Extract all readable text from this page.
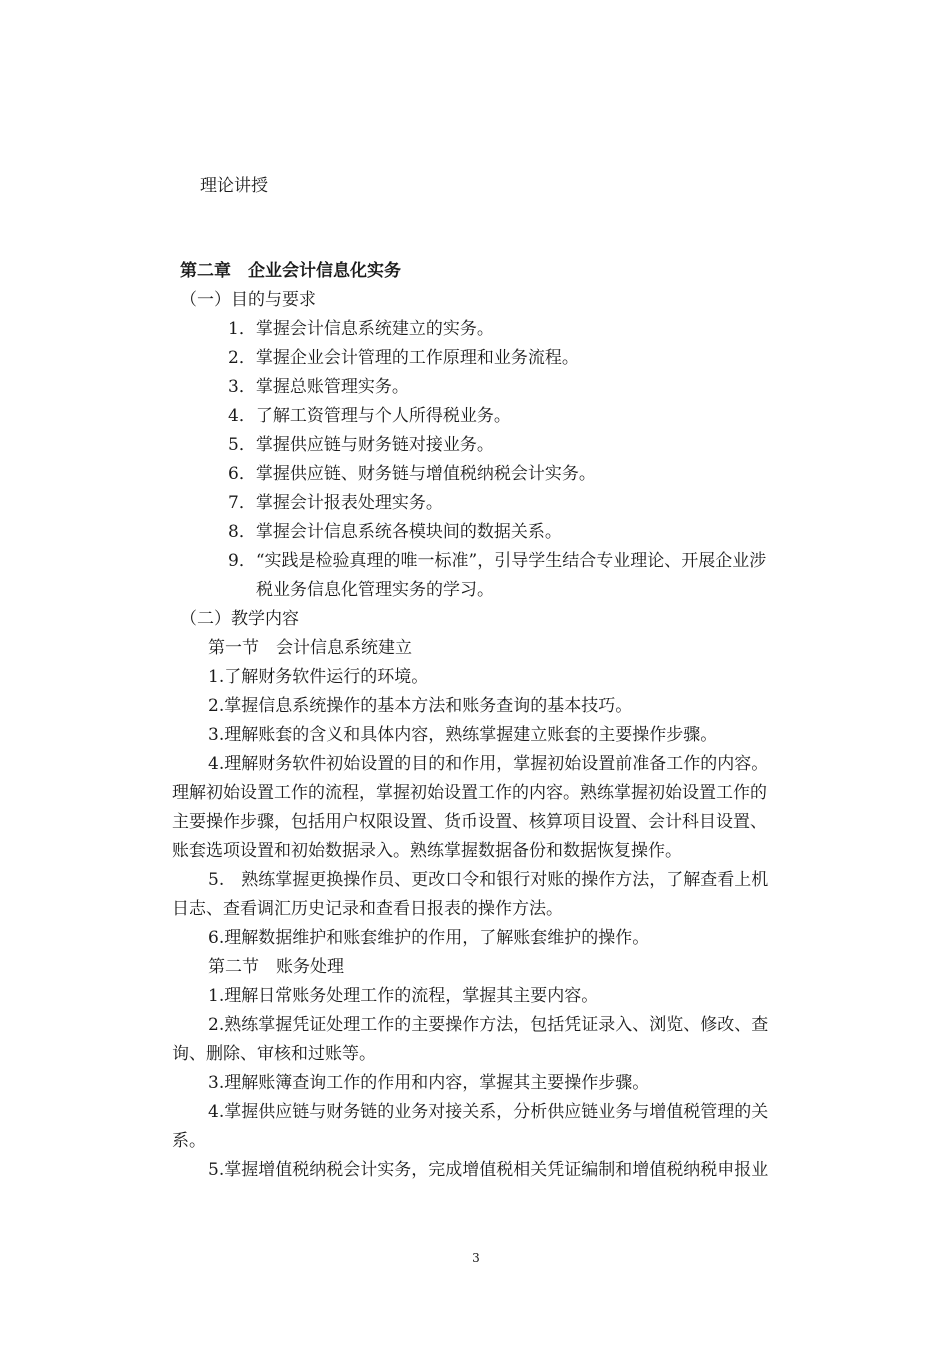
理论讲授
第二章　企业会计信息化实务
（一）目的与要求
1．掌握会计信息系统建立的实务。
2．掌握企业会计管理的工作原理和业务流程。
3．掌握总账管理实务。
4．了解工资管理与个人所得税业务。
5．掌握供应链与财务链对接业务。
6．掌握供应链、财务链与增值税纳税会计实务。
7．掌握会计报表处理实务。
8．掌握会计信息系统各模块间的数据关系。
9．“实践是检验真理的唯一标准”，引导学生结合专业理论、开展企业涉
税业务信息化管理实务的学习。
（二）教学内容
第一节　会计信息系统建立
1.了解财务软件运行的环境。
2.掌握信息系统操作的基本方法和账务查询的基本技巧。
3.理解账套的含义和具体内容，熟练掌握建立账套的主要操作步骤。
4.理解财务软件初始设置的目的和作用，掌握初始设置前准备工作的内容。
理解初始设置工作的流程，掌握初始设置工作的内容。熟练掌握初始设置工作的
主要操作步骤，包括用户权限设置、货币设置、核算项目设置、会计科目设置、
账套选项设置和初始数据录入。熟练掌握数据备份和数据恢复操作。
5.　熟练掌握更换操作员、更改口令和银行对账的操作方法，了解查看上机
日志、查看调汇历史记录和查看日报表的操作方法。
6.理解数据维护和账套维护的作用，了解账套维护的操作。
第二节　账务处理
1.理解日常账务处理工作的流程，掌握其主要内容。
2.熟练掌握凭证处理工作的主要操作方法，包括凭证录入、浏览、修改、查
询、删除、审核和过账等。
3.理解账簿查询工作的作用和内容，掌握其主要操作步骤。
4.掌握供应链与财务链的业务对接关系，分析供应链业务与增值税管理的关
系。
5.掌握增值税纳税会计实务，完成增值税相关凭证编制和增值税纳税申报业
3
